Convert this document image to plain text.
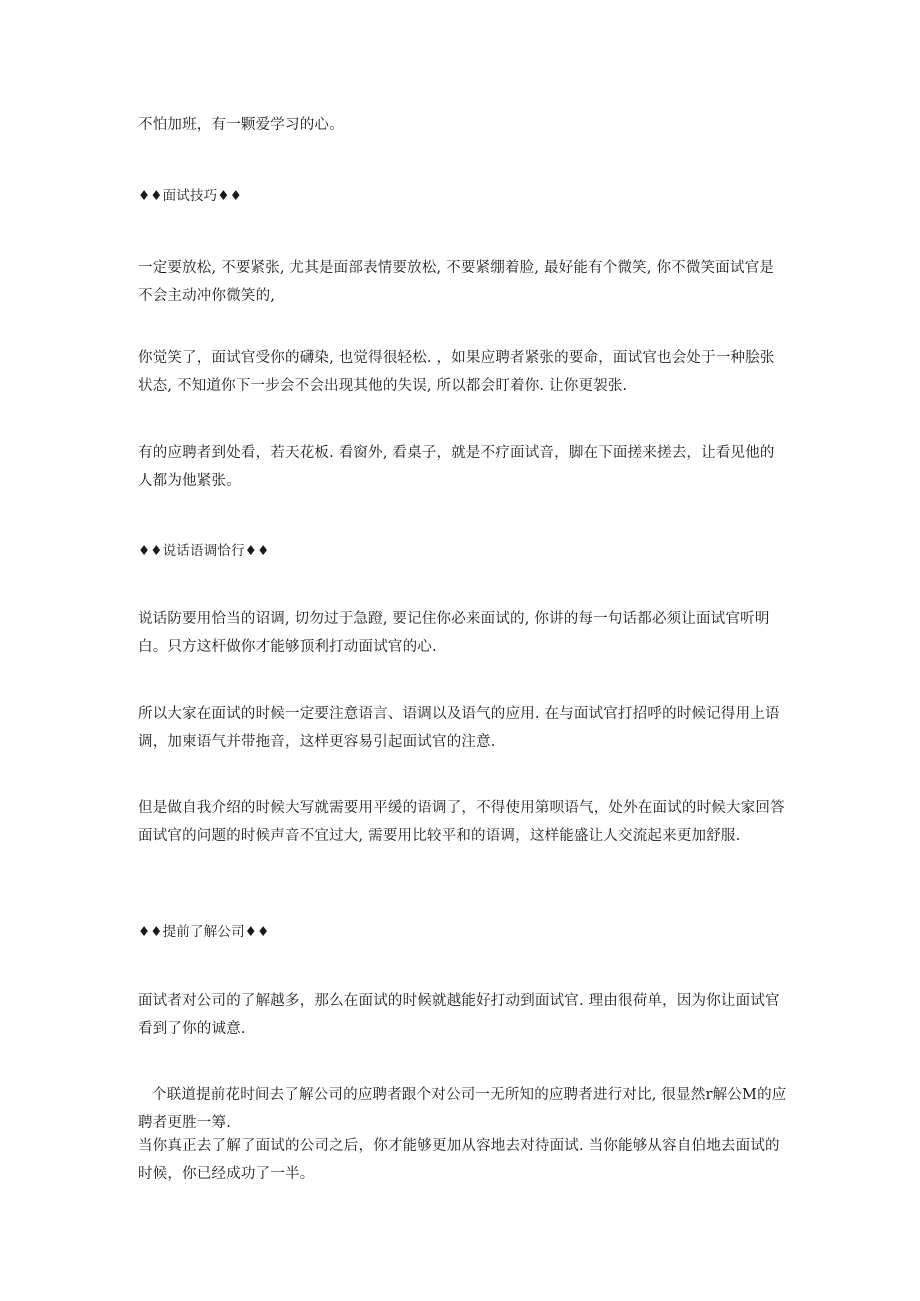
不怕加班，有一颗爱学习的心。

♦♦面试技巧♦♦

一定要放松, 不要紧张, 尤其是面部表情要放松, 不要紧绷着脸, 最好能有个微笑, 你不微笑面试官是不会主动冲你微笑的,

你觉笑了，面试官受你的礴染, 也觉得很轻松. ，如果应聘者紧张的要命，面试官也会处于一种脍张状态, 不知道你下一步会不会出现其他的失误, 所以都会盯着你. 让你更袈张.

有的应聘者到处看，若天花板. 看窗外, 看桌子，就是不疗面试音，脚在下面搓来搓去，让看见他的人都为他紧张。

♦♦说话语调恰行♦♦

说话防要用恰当的诏调, 切勿过于急蹬, 要记住你必来面试的, 你讲的每一句话都必须让面试官听明白。只方这杆做你才能够顶利打动面试官的心.

所以大家在面试的时候一定要注意语言、语调以及语气的应用. 在与面试官打招呼的时候记得用上语调，加柬语气并带拖音，这样更容易引起面试官的注意.

但是做自我介绍的时候大写就需要用平缓的语调了，不得使用第呗语气，处外在面试的时候大家回答面试官的问题的时候声音不宜过大, 需要用比较平和的语调，这样能盛让人交流起来更加舒服.

♦♦提前了解公司♦♦

面试者对公司的了解越多，那么在面试的时候就越能好打动到面试官. 理由很荷单，因为你让面试官看到了你的诚意.

个联道提前花时间去了解公司的应聘者跟个对公司一无所知的应聘者进行对比, 很显然r解公M的应聘者更胜一筹.

当你真正去了解了面试的公司之后，你才能够更加从容地去对待面试. 当你能够从容自伯地去面试的时候，你已经成功了一半。
